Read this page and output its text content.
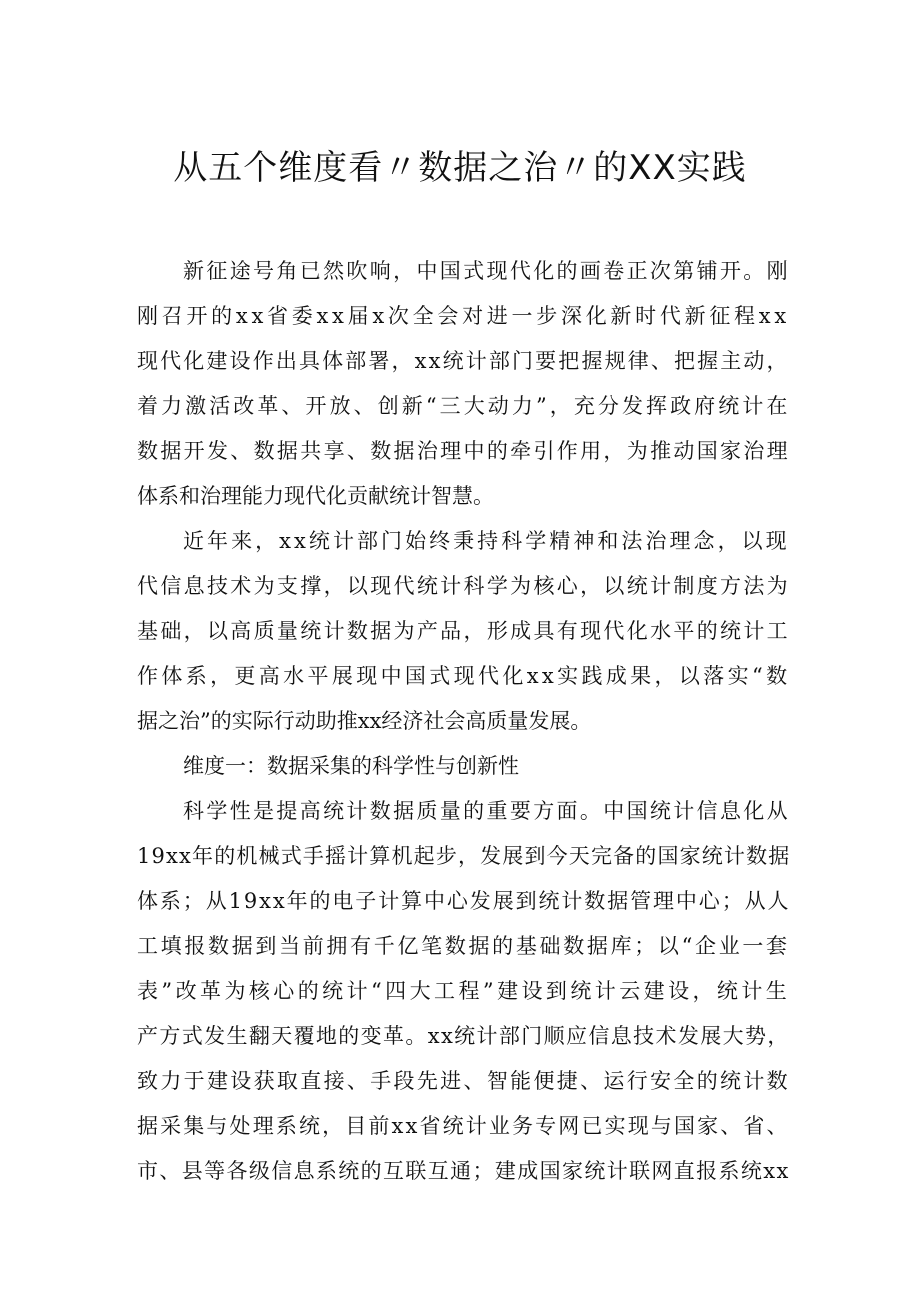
从五个维度看〃数据之治〃的XX实践
新征途号角已然吹响，中国式现代化的画卷正次第铺开。刚
刚召开的xx省委xx届x次全会对进一步深化新时代新征程xx
现代化建设作出具体部署，xx统计部门要把握规律、把握主动，
着力激活改革、开放、创新“三大动力”，充分发挥政府统计在
数据开发、数据共享、数据治理中的牵引作用，为推动国家治理
体系和治理能力现代化贡献统计智慧。
近年来，xx统计部门始终秉持科学精神和法治理念，以现
代信息技术为支撑，以现代统计科学为核心，以统计制度方法为
基础，以高质量统计数据为产品，形成具有现代化水平的统计工
作体系，更高水平展现中国式现代化xx实践成果，以落实“数
据之治”的实际行动助推xx经济社会高质量发展。
维度一：数据采集的科学性与创新性
科学性是提高统计数据质量的重要方面。中国统计信息化从
19xx年的机械式手摇计算机起步，发展到今天完备的国家统计数据
体系；从19xx年的电子计算中心发展到统计数据管理中心；从人
工填报数据到当前拥有千亿笔数据的基础数据库；以“企业一套
表”改革为核心的统计“四大工程”建设到统计云建设，统计生
产方式发生翻天覆地的变革。xx统计部门顺应信息技术发展大势，
致力于建设获取直接、手段先进、智能便捷、运行安全的统计数
据采集与处理系统，目前xx省统计业务专网已实现与国家、省、
市、县等各级信息系统的互联互通；建成国家统计联网直报系统xx
